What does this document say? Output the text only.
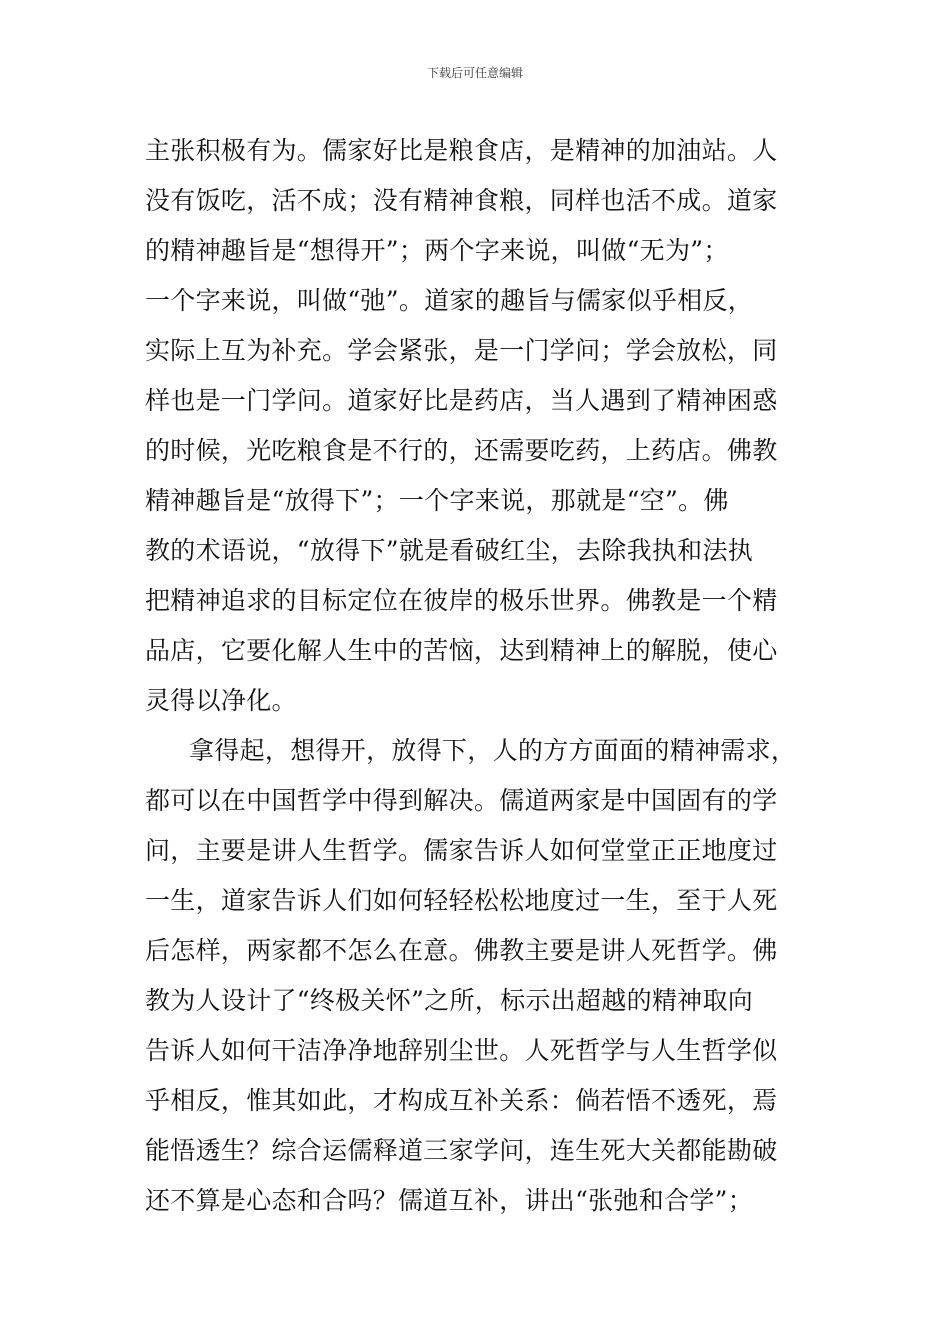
下载后可任意编辑
主张积极有为。儒家好比是粮食店，是精神的加油站。人
没有饭吃，活不成；没有精神食粮，同样也活不成。道家
的精神趣旨是“想得开”；两个字来说，叫做“无为”；
一个字来说，叫做“弛”。道家的趣旨与儒家似乎相反，
实际上互为补充。学会紧张，是一门学问；学会放松，同
样也是一门学问。道家好比是药店，当人遇到了精神困惑
的时候，光吃粮食是不行的，还需要吃药，上药店。佛教
精神趣旨是“放得下”；一个字来说，那就是“空”。佛
教的术语说，“放得下”就是看破红尘，去除我执和法执
把精神追求的目标定位在彼岸的极乐世界。佛教是一个精
品店，它要化解人生中的苦恼，达到精神上的解脱，使心
灵得以净化。
拿得起，想得开，放得下，人的方方面面的精神需求，
都可以在中国哲学中得到解决。儒道两家是中国固有的学
问，主要是讲人生哲学。儒家告诉人如何堂堂正正地度过
一生，道家告诉人们如何轻轻松松地度过一生，至于人死
后怎样，两家都不怎么在意。佛教主要是讲人死哲学。佛
教为人设计了“终极关怀”之所，标示出超越的精神取向
告诉人如何干洁净净地辞别尘世。人死哲学与人生哲学似
乎相反，惟其如此，才构成互补关系：倘若悟不透死，焉
能悟透生？综合运儒释道三家学问，连生死大关都能勘破
还不算是心态和合吗？儒道互补，讲出“张弛和合学”；
